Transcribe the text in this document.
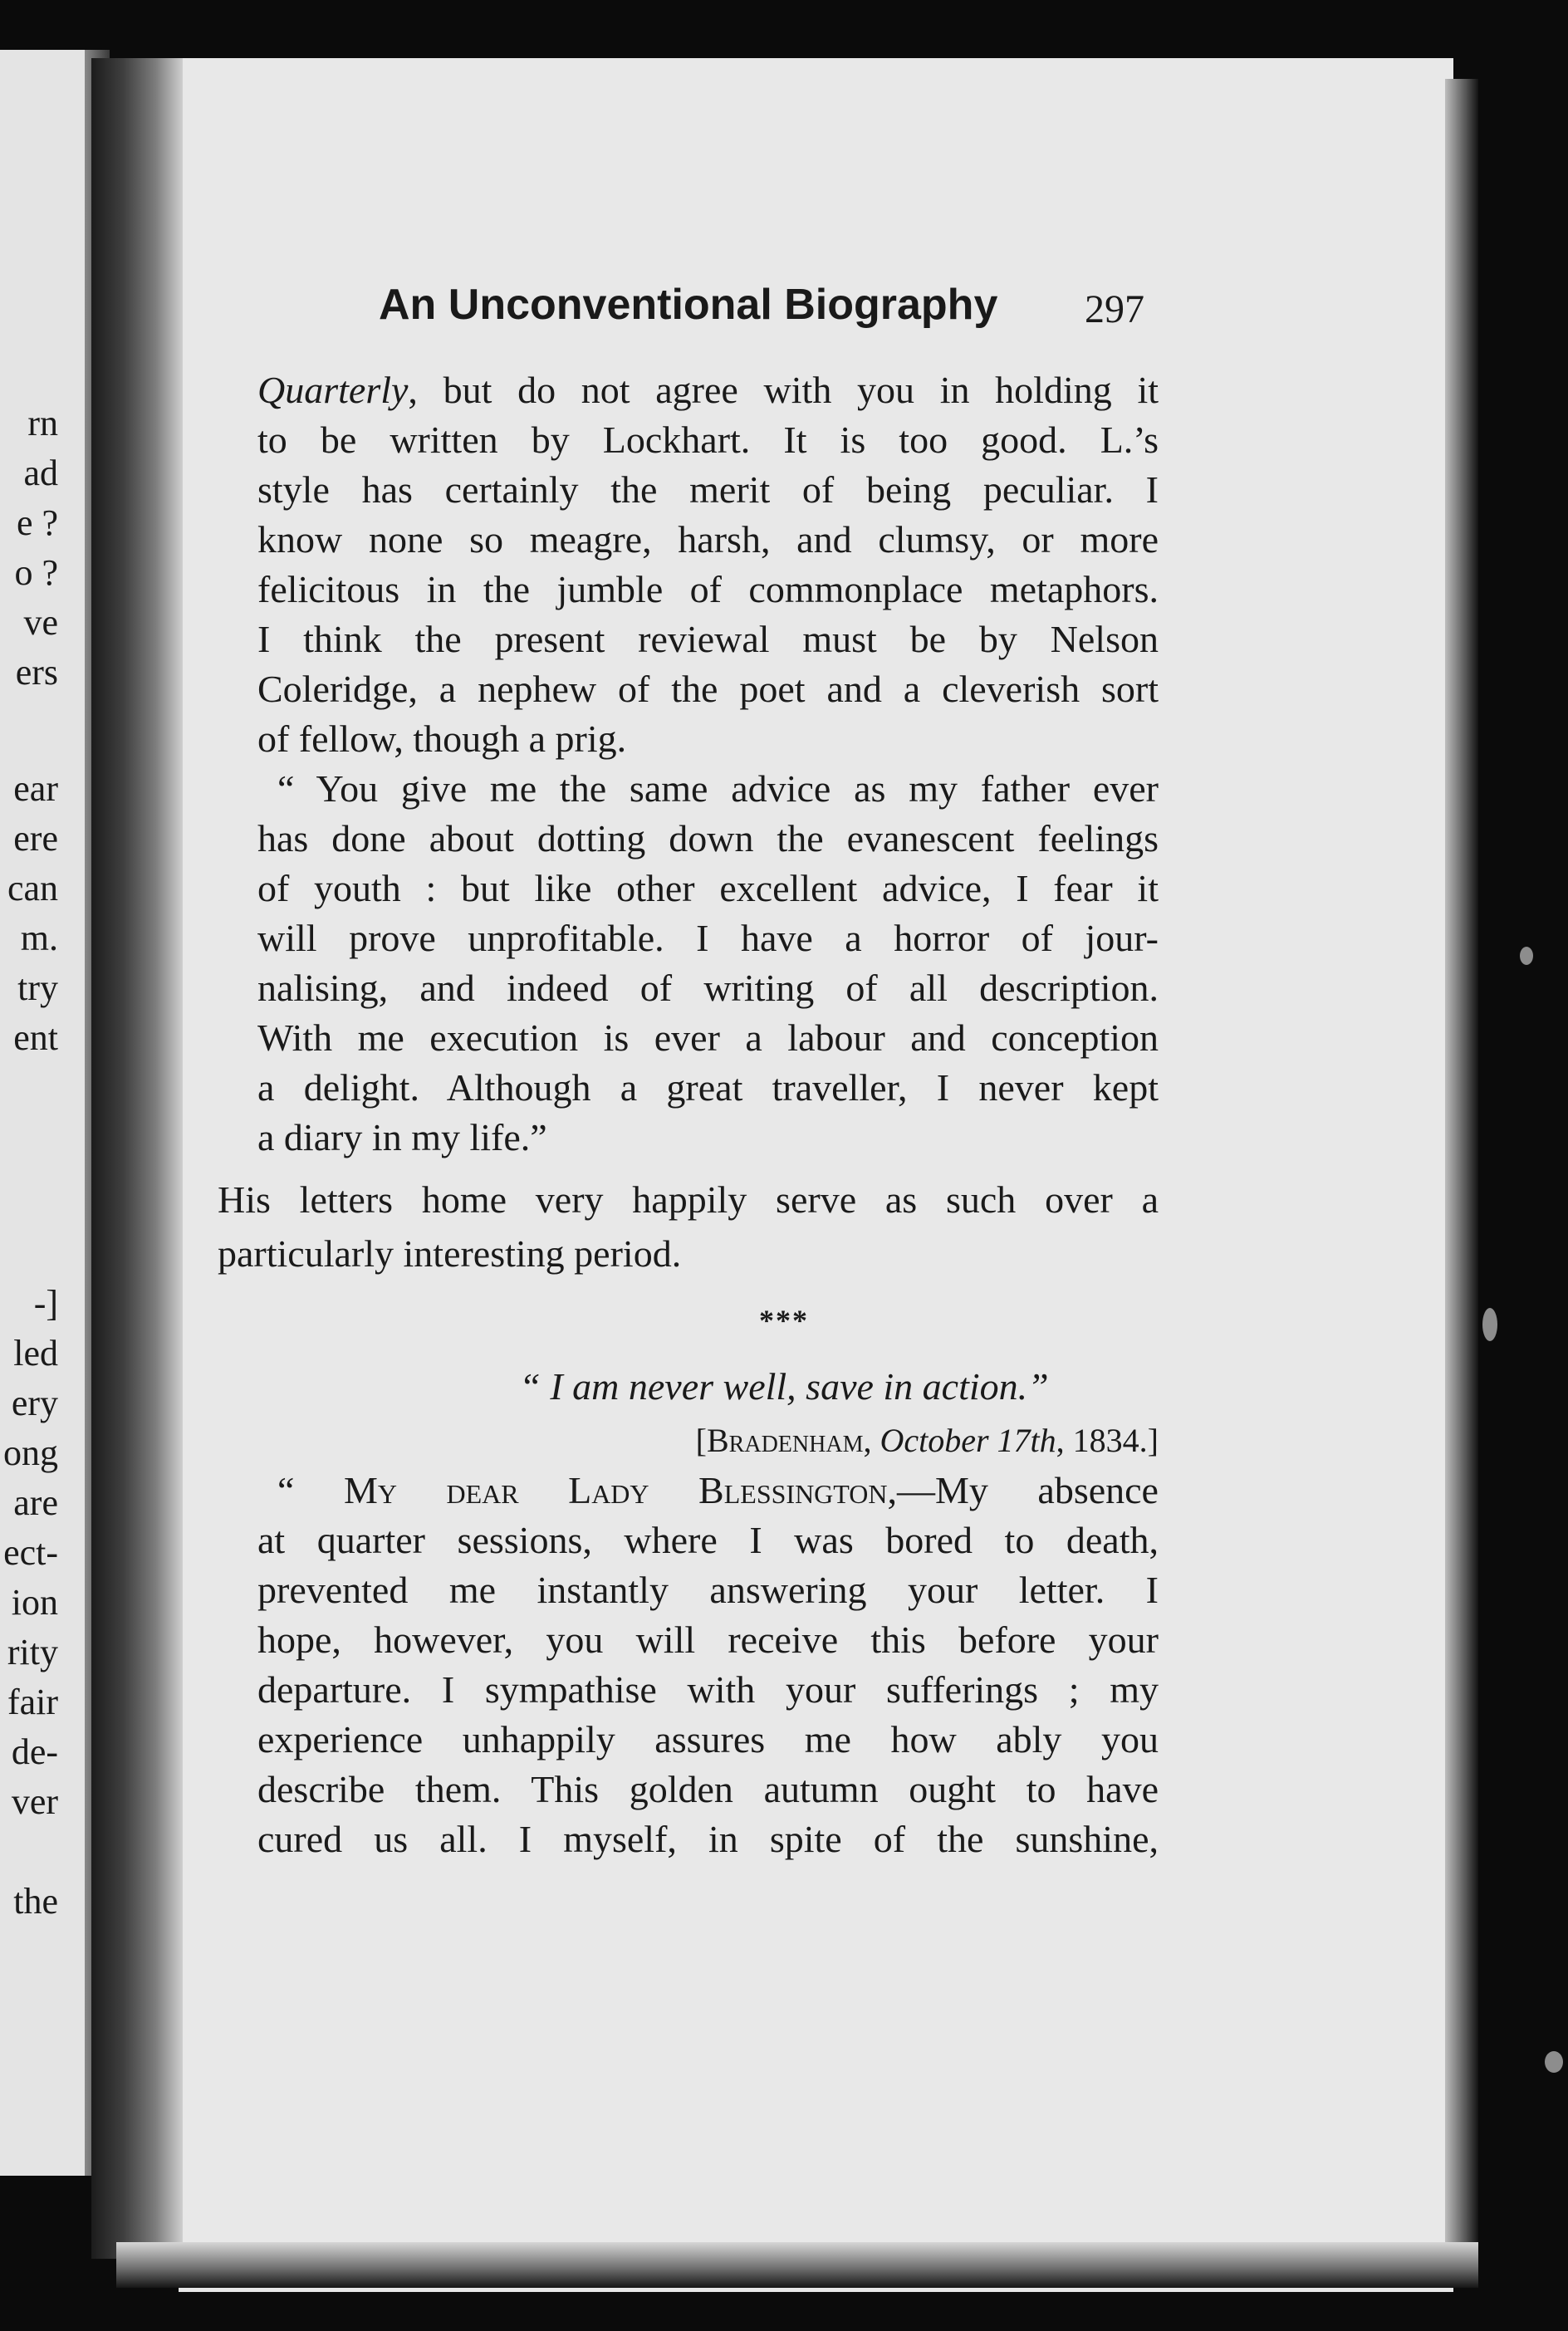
rn
ad
e ?
o ?
ve
ers
ear
ere
can
m.
try
ent
-]
led
ery
ong
are
ect-
ion
rity
fair
de-
ver
the
An Unconventional Biography 297
Quarterly, but do not agree with you in holding it
to be written by Lockhart. It is too good. L.’s
style has certainly the merit of being peculiar. I
know none so meagre, harsh, and clumsy, or more
felicitous in the jumble of commonplace metaphors.
I think the present reviewal must be by Nelson
Coleridge, a nephew of the poet and a cleverish sort
of fellow, though a prig.
“ You give me the same advice as my father ever
has done about dotting down the evanescent feelings
of youth : but like other excellent advice, I fear it
will prove unprofitable. I have a horror of jour-
nalising, and indeed of writing of all description.
With me execution is ever a labour and conception
a delight. Although a great traveller, I never kept
a diary in my life.”
His letters home very happily serve as such over a
particularly interesting period.
***
“ I am never well, save in action.”
[Bradenham, October 17th, 1834.]
“ My dear Lady Blessington,—My absence
at quarter sessions, where I was bored to death,
prevented me instantly answering your letter. I
hope, however, you will receive this before your
departure. I sympathise with your sufferings ; my
experience unhappily assures me how ably you
describe them. This golden autumn ought to have
cured us all. I myself, in spite of the sunshine,
